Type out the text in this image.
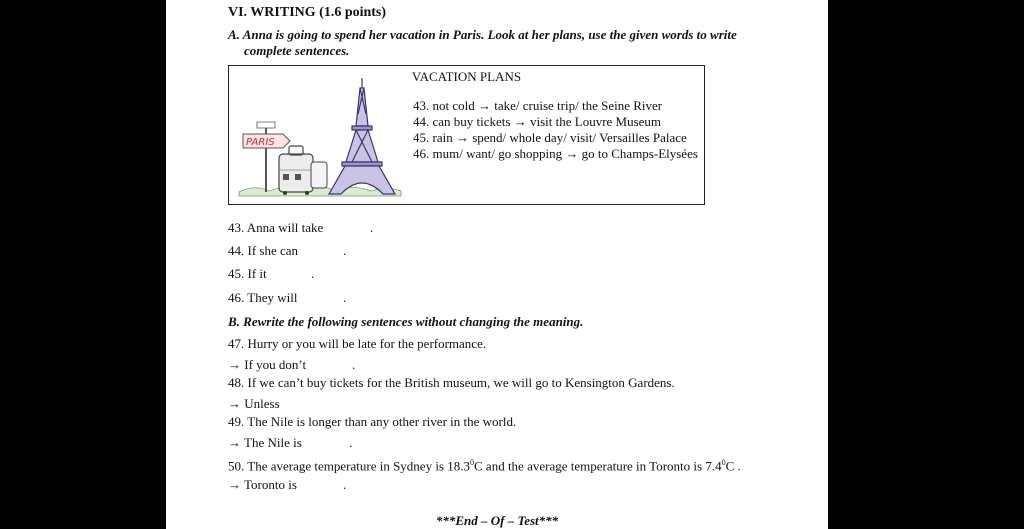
VI. WRITING (1.6 points)
A. Anna is going to spend her vacation in Paris. Look at her plans, use the given words to write
complete sentences.
PARIS
VACATION PLANS
43. not cold → take/ cruise trip/ the Seine River
44. can buy tickets → visit the Louvre Museum
45. rain → spend/ whole day/ visit/ Versailles Palace
46. mum/ want/ go shopping → go to Champs-Elysées
43. Anna will take	.
44. If she can	.
45. If it	.
46. They will	.
B. Rewrite the following sentences without changing the meaning.
47. Hurry or you will be late for the performance.
→ If you don’t	.
48. If we can’t buy tickets for the British museum, we will go to Kensington Gardens.
→ Unless
49. The Nile is longer than any other river in the world.
→ The Nile is	.
50. The average temperature in Sydney is 18.3$^0$C and the average temperature in Toronto is $7.4^0C$ .
→ Toronto is	.
***End – Of – Test***
